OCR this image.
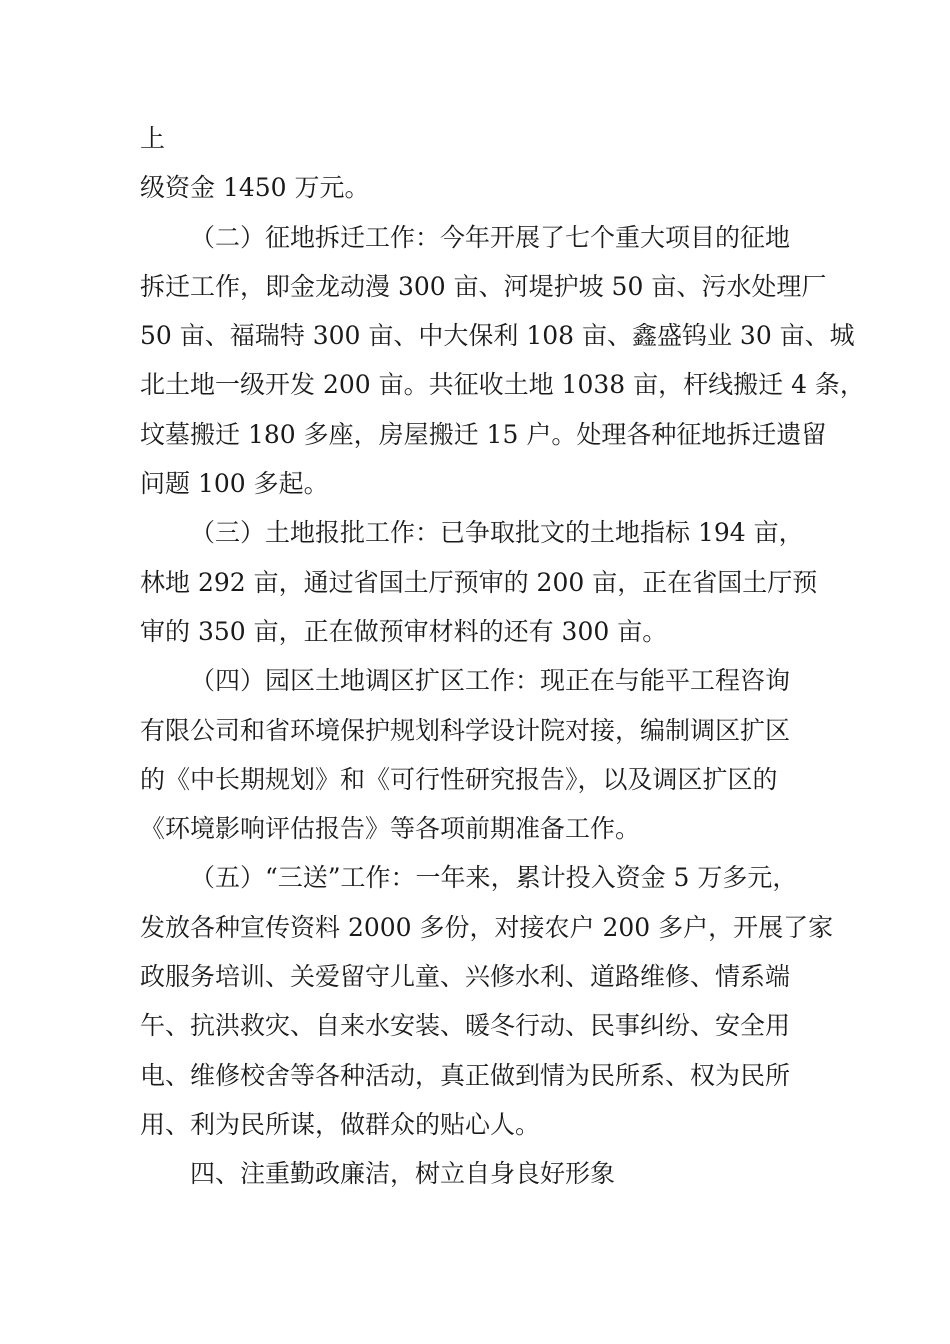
上
级资金 1450 万元。
（二）征地拆迁工作：今年开展了七个重大项目的征地
拆迁工作，即金龙动漫 300 亩、河堤护坡 50 亩、污水处理厂
50 亩、福瑞特 300 亩、中大保利 108 亩、鑫盛钨业 30 亩、城
北土地一级开发 200 亩。共征收土地 1038 亩，杆线搬迁 4 条，
坟墓搬迁 180 多座，房屋搬迁 15 户。处理各种征地拆迁遗留
问题 100 多起。
（三）土地报批工作：已争取批文的土地指标 194 亩，
林地 292 亩，通过省国土厅预审的 200 亩，正在省国土厅预
审的 350 亩，正在做预审材料的还有 300 亩。
（四）园区土地调区扩区工作：现正在与能平工程咨询
有限公司和省环境保护规划科学设计院对接，编制调区扩区
的《中长期规划》和《可行性研究报告》，以及调区扩区的
《环境影响评估报告》等各项前期准备工作。
（五）“三送”工作：一年来，累计投入资金 5 万多元，
发放各种宣传资料 2000 多份，对接农户 200 多户，开展了家
政服务培训、关爱留守儿童、兴修水利、道路维修、情系端
午、抗洪救灾、自来水安装、暖冬行动、民事纠纷、安全用
电、维修校舍等各种活动，真正做到情为民所系、权为民所
用、利为民所谋，做群众的贴心人。
四、注重勤政廉洁，树立自身良好形象
